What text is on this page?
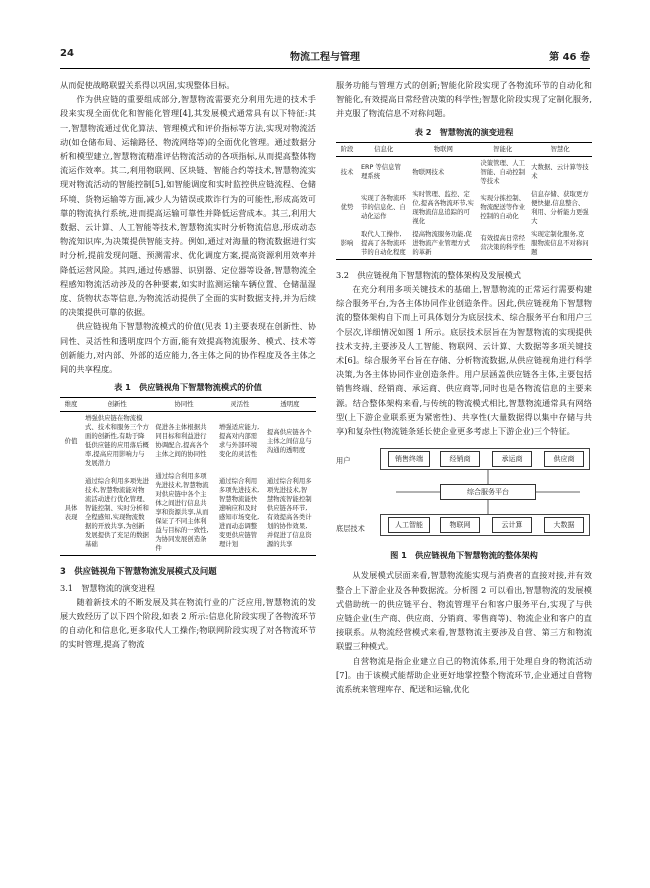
24	物流工程与管理	第 46 卷

从而促使战略联盟关系得以巩固,实现整体目标。

作为供应链的重要组成部分,智慧物流需要充分利用先进的技术手段来实现全面优化和智能化管理[4],其发展模式通常具有以下特征:其一,智慧物流通过优化算法、管理模式和评价指标等方法,实现对物流活动(如仓储布局、运输路径、物流网络等)的全面优化管理。通过数据分析和模型建立,智慧物流精准评估物流活动的各项指标,从而提高整体物流运作效率。其二,利用物联网、区块链、智能合约等技术,智慧物流实现对物流活动的智能控制[5],如智能调度和实时监控供应链流程、仓储环境、货物运输等方面,减少人为错误或欺诈行为的可能性,形成高效可靠的物流执行系统,进而提高运输可靠性并降低运营成本。其三,利用大数据、云计算、人工智能等技术,智慧物流实时分析物流信息,形成动态物流知识库,为决策提供智能支持。例如,通过对海量的物流数据进行实时分析,提前发现问题、预测需求、优化调度方案,提高资源利用效率并降低运营风险。其四,通过传感器、识别器、定位器等设备,智慧物流全程感知物流活动涉及的各种要素,如实时监测运输车辆位置、仓储温湿度、货物状态等信息,为物流活动提供了全面的实时数据支持,并为后续的决策提供可靠的依据。

供应链视角下智慧物流模式的价值(见表 1)主要表现在创新性、协同性、灵活性和透明度四个方面,能有效提高物流服务、模式、技术等创新能力,对内部、外部的适应能力,各主体之间的协作程度及各主体之间的共享程度。

表 1　供应链视角下智慧物流模式的价值
维度	创新性	协同性	灵活性	透明度
价值	增强供应链在物流模式、技术和服务三个方面的创新性,有助于降低供应链的应用落后概率,提高应用影响力与发展潜力	促进各主体根据共同目标和利益进行协调配合,提高各个主体之间的协同性	增强适应能力,提高对内部需求与外部环境变化的灵活性	提高供应链各个主体之间信息与沟通的透明度
具体表现	通过综合利用多项先进技术,智慧物流能对物流活动进行优化管理、智能控制、实时分析和全程感知,实现物流数据的开放共享,为创新发展提供了充足的数据基础	通过综合利用多项先进技术,智慧物流对供应链中各个主体之间进行信息共享和资源共享,从而保证了不同主体利益与目标的一致性,为协同发展创造条件	通过综合利用多项先进技术,智慧物流能快速响应和及时感知市场变化,进而动态调整变更供应链管理计划	通过综合利用多项先进技术,智慧物流智能控制供应链各环节,有效提高各类计划的协作效果,并促进了信息资源的共享
3　供应链视角下智慧物流发展模式及问题
3.1　智慧物流的演变进程

随着新技术的不断发展及其在物流行业的广泛应用,智慧物流的发展大致经历了以下四个阶段,如表 2 所示:信息化阶段实现了各物流环节的自动化和信息化,更多取代人工操作;物联网阶段实现了对各物流环节的实时管理,提高了物流

服务功能与管理方式的创新;智能化阶段实现了各物流环节的自动化和智能化,有效提高日常经营决策的科学性;智慧化阶段实现了定制化服务,并克服了物流信息不对称问题。

表 2　智慧物流的演变进程
阶段	信息化	物联网	智能化	智慧化
技术	ERP 等信息管理系统	物联网技术	决策管理、人工智能、自动控制等技术	大数据、云计算等技术
优势	实现了各物流环节的信息化、自动化运作	实时管理、监控、定位,提高各物流环节,实现物流信息追踪的可视化	实现分拣控制、物流配送等作业控制的自动化	信息存储、获取更方便快捷,信息整合、利用、分析能力更强大
影响	取代人工操作,提高了各物流环节的自动化程度	提高物流服务功能,促进物流产业管理方式的革新	有效提高日常经营决策的科学性	实现定制化服务,克服物流信息不对称问题
3.2　供应链视角下智慧物流的整体架构及发展模式

在充分利用多项关键技术的基础上,智慧物流的正常运行需要构建综合服务平台,为各主体协同作业创造条件。因此,供应链视角下智慧物流的整体架构自下而上可具体划分为底层技术、综合服务平台和用户三个层次,详细情况如图 1 所示。底层技术层旨在为智慧物流的实现提供技术支持,主要涉及人工智能、物联网、云计算、大数据等多项关键技术[6]。综合服务平台旨在存储、分析物流数据,从供应链视角进行科学决策,为各主体协同作业创造条件。用户层涵盖供应链各主体,主要包括销售终端、经销商、承运商、供应商等,同时也是各物流信息的主要来源。结合整体架构来看,与传统的物流模式相比,智慧物流通常具有网络型(上下游企业联系更为紧密性)、共享性(大量数据得以集中存储与共享)和复杂性(物流链条延长使企业更多考虑上下游企业)三个特征。

用户	销售终端	经销商	承运商	供应商
综合服务平台
底层技术	人工智能	物联网	云计算	大数据
图 1　供应链视角下智慧物流的整体架构

从发展模式层面来看,智慧物流能实现与消费者的直接对接,并有效整合上下游企业及各种数据流。分析图 2 可以看出,智慧物流的发展模式借助统一的供应链平台、物流管理平台和客户服务平台,实现了与供应链企业(生产商、供应商、分销商、零售商等)、物流企业和客户的直接联系。从物流经营模式来看,智慧物流主要涉及自营、第三方和物流联盟三种模式。

自营物流是指企业建立自己的物流体系,用于处理自身的物流活动[7]。由于该模式能帮助企业更好地掌控整个物流环节,企业通过自营物流系统来管理库存、配送和运输,优化
